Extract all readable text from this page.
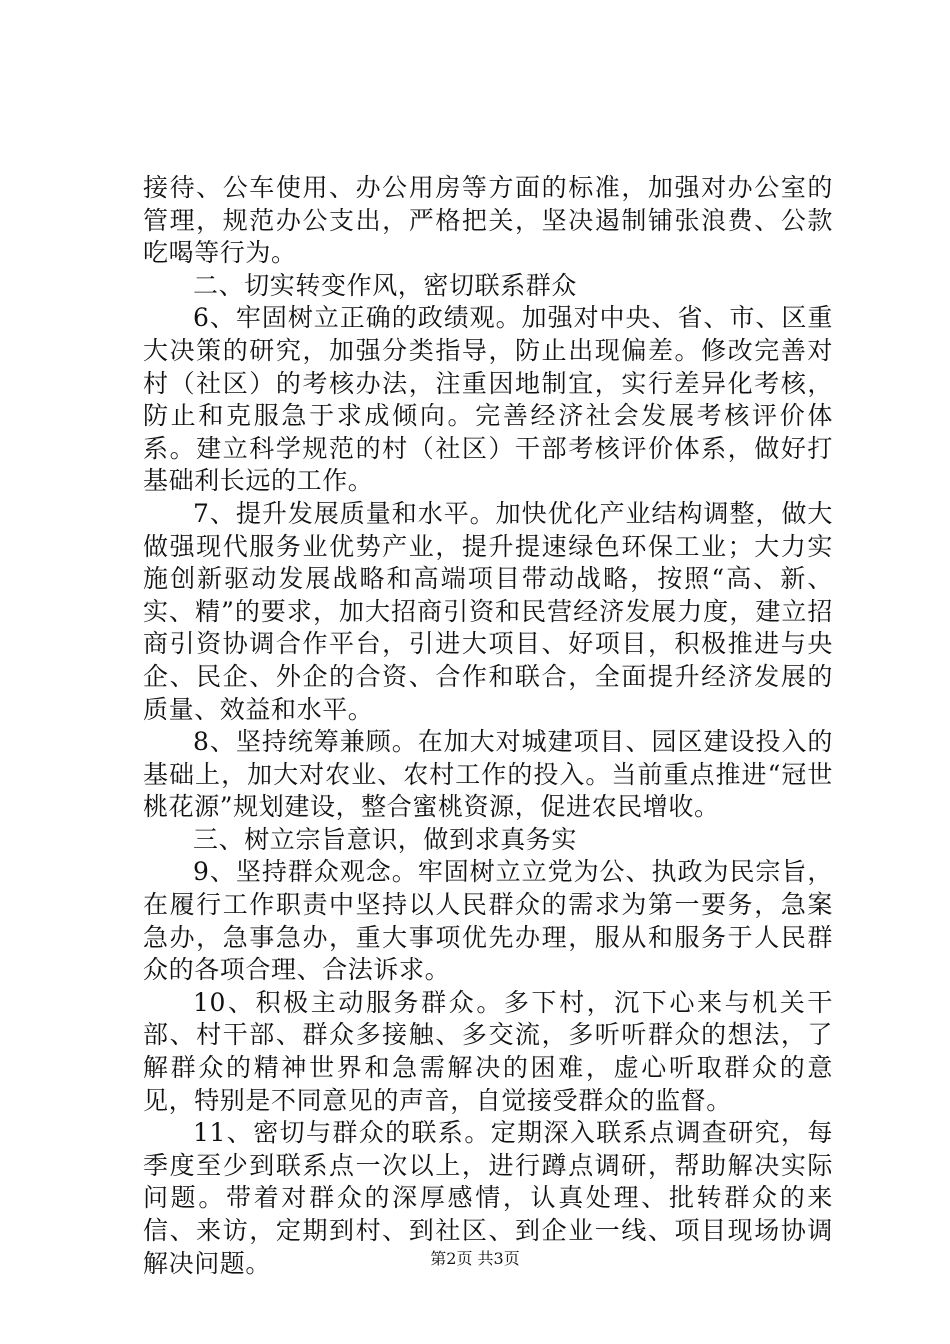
接待、公车使用、办公用房等方面的标准，加强对办公室的管理，规范办公支出，严格把关，坚决遏制铺张浪费、公款吃喝等行为。

二、切实转变作风，密切联系群众

6、牢固树立正确的政绩观。加强对中央、省、市、区重大决策的研究，加强分类指导，防止出现偏差。修改完善对村（社区）的考核办法，注重因地制宜，实行差异化考核，防止和克服急于求成倾向。完善经济社会发展考核评价体系。建立科学规范的村（社区）干部考核评价体系，做好打基础利长远的工作。

7、提升发展质量和水平。加快优化产业结构调整，做大做强现代服务业优势产业，提升提速绿色环保工业；大力实施创新驱动发展战略和高端项目带动战略，按照“高、新、实、精”的要求，加大招商引资和民营经济发展力度，建立招商引资协调合作平台，引进大项目、好项目，积极推进与央企、民企、外企的合资、合作和联合，全面提升经济发展的质量、效益和水平。

8、坚持统筹兼顾。在加大对城建项目、园区建设投入的基础上，加大对农业、农村工作的投入。当前重点推进“冠世桃花源”规划建设，整合蜜桃资源，促进农民增收。

三、树立宗旨意识，做到求真务实

9、坚持群众观念。牢固树立立党为公、执政为民宗旨，在履行工作职责中坚持以人民群众的需求为第一要务，急案急办，急事急办，重大事项优先办理，服从和服务于人民群众的各项合理、合法诉求。

10、积极主动服务群众。多下村，沉下心来与机关干部、村干部、群众多接触、多交流，多听听群众的想法，了解群众的精神世界和急需解决的困难，虚心听取群众的意见，特别是不同意见的声音，自觉接受群众的监督。

11、密切与群众的联系。定期深入联系点调查研究，每季度至少到联系点一次以上，进行蹲点调研，帮助解决实际问题。带着对群众的深厚感情，认真处理、批转群众的来信、来访，定期到村、到社区、到企业一线、项目现场协调解决问题。	第2页 共3页
